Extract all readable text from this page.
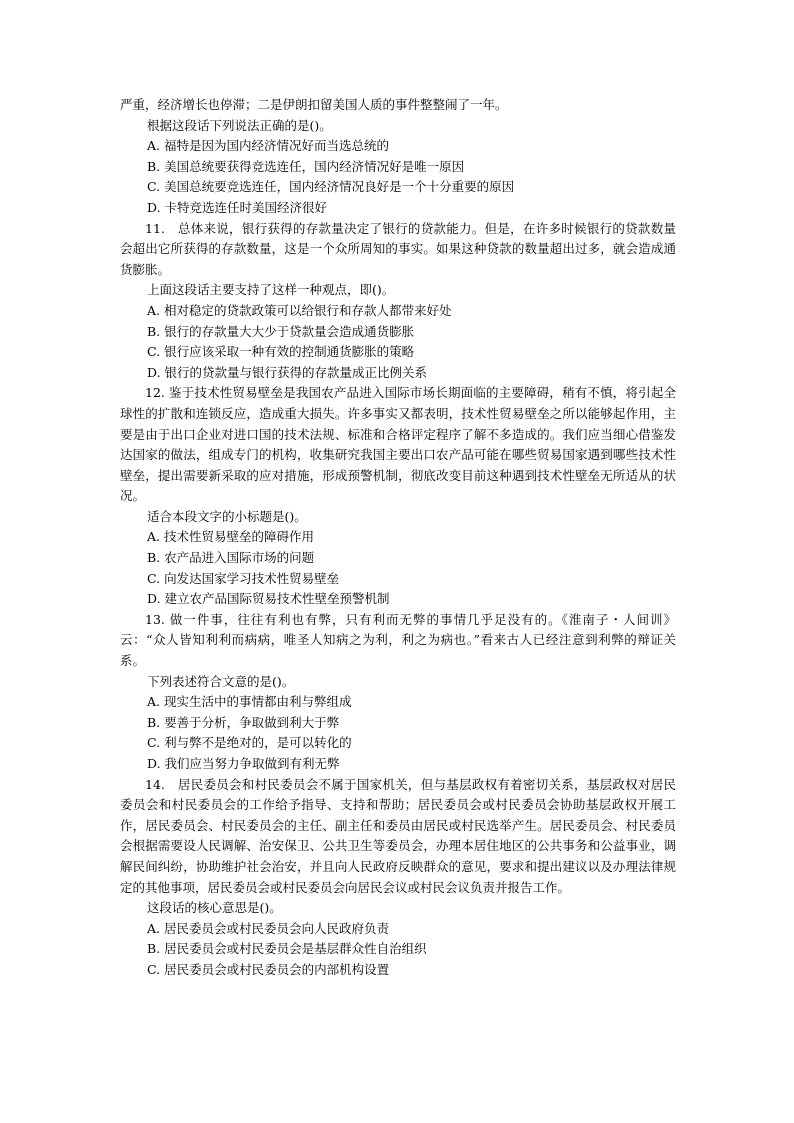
严重，经济增长也停滞；二是伊朗扣留美国人质的事件整整闹了一年。
根据这段话下列说法正确的是()。
A. 福特是因为国内经济情况好而当选总统的
B. 美国总统要获得竞选连任，国内经济情况好是唯一原因
C. 美国总统要竞选连任，国内经济情况良好是一个十分重要的原因
D. 卡特竞选连任时美国经济很好
11.　总体来说，银行获得的存款量决定了银行的贷款能力。但是，在许多时候银行的贷款数量会超出它所获得的存款数量，这是一个众所周知的事实。如果这种贷款的数量超出过多，就会造成通货膨胀。
上面这段话主要支持了这样一种观点，即()。
A. 相对稳定的贷款政策可以给银行和存款人都带来好处
B. 银行的存款量大大少于贷款量会造成通货膨胀
C. 银行应该采取一种有效的控制通货膨胀的策略
D. 银行的贷款量与银行获得的存款量成正比例关系
12. 鉴于技术性贸易壁垒是我国农产品进入国际市场长期面临的主要障碍，稍有不慎，将引起全球性的扩散和连锁反应，造成重大损失。许多事实又都表明，技术性贸易壁垒之所以能够起作用，主要是由于出口企业对进口国的技术法规、标准和合格评定程序了解不多造成的。我们应当细心借鉴发达国家的做法，组成专门的机构，收集研究我国主要出口农产品可能在哪些贸易国家遇到哪些技术性壁垒，提出需要新采取的应对措施，形成预警机制，彻底改变目前这种遇到技术性壁垒无所适从的状况。
适合本段文字的小标题是()。
A. 技术性贸易壁垒的障碍作用
B. 农产品进入国际市场的问题
C. 向发达国家学习技术性贸易壁垒
D. 建立农产品国际贸易技术性壁垒预警机制
13. 做一件事，往往有利也有弊，只有利而无弊的事情几乎足没有的。《淮南子・人间训》云：“众人皆知利利而病病，唯圣人知病之为利，利之为病也。”看来古人已经注意到利弊的辩证关系。
下列表述符合文意的是()。
A. 现实生活中的事情都由利与弊组成
B. 要善于分析，争取做到利大于弊
C. 利与弊不是绝对的，是可以转化的
D. 我们应当努力争取做到有利无弊
14.　居民委员会和村民委员会不属于国家机关，但与基层政权有着密切关系，基层政权对居民委员会和村民委员会的工作给予指导、支持和帮助；居民委员会或村民委员会协助基层政权开展工作，居民委员会、村民委员会的主任、副主任和委员由居民或村民选举产生。居民委员会、村民委员会根据需要设人民调解、治安保卫、公共卫生等委员会，办理本居住地区的公共事务和公益事业，调解民间纠纷，协助维护社会治安，并且向人民政府反映群众的意见，要求和提出建议以及办理法律规定的其他事项，居民委员会或村民委员会向居民会议或村民会议负责并报告工作。
这段话的核心意思是()。
A. 居民委员会或村民委员会向人民政府负责
B. 居民委员会或村民委员会是基层群众性自治组织
C. 居民委员会或村民委员会的内部机构设置
